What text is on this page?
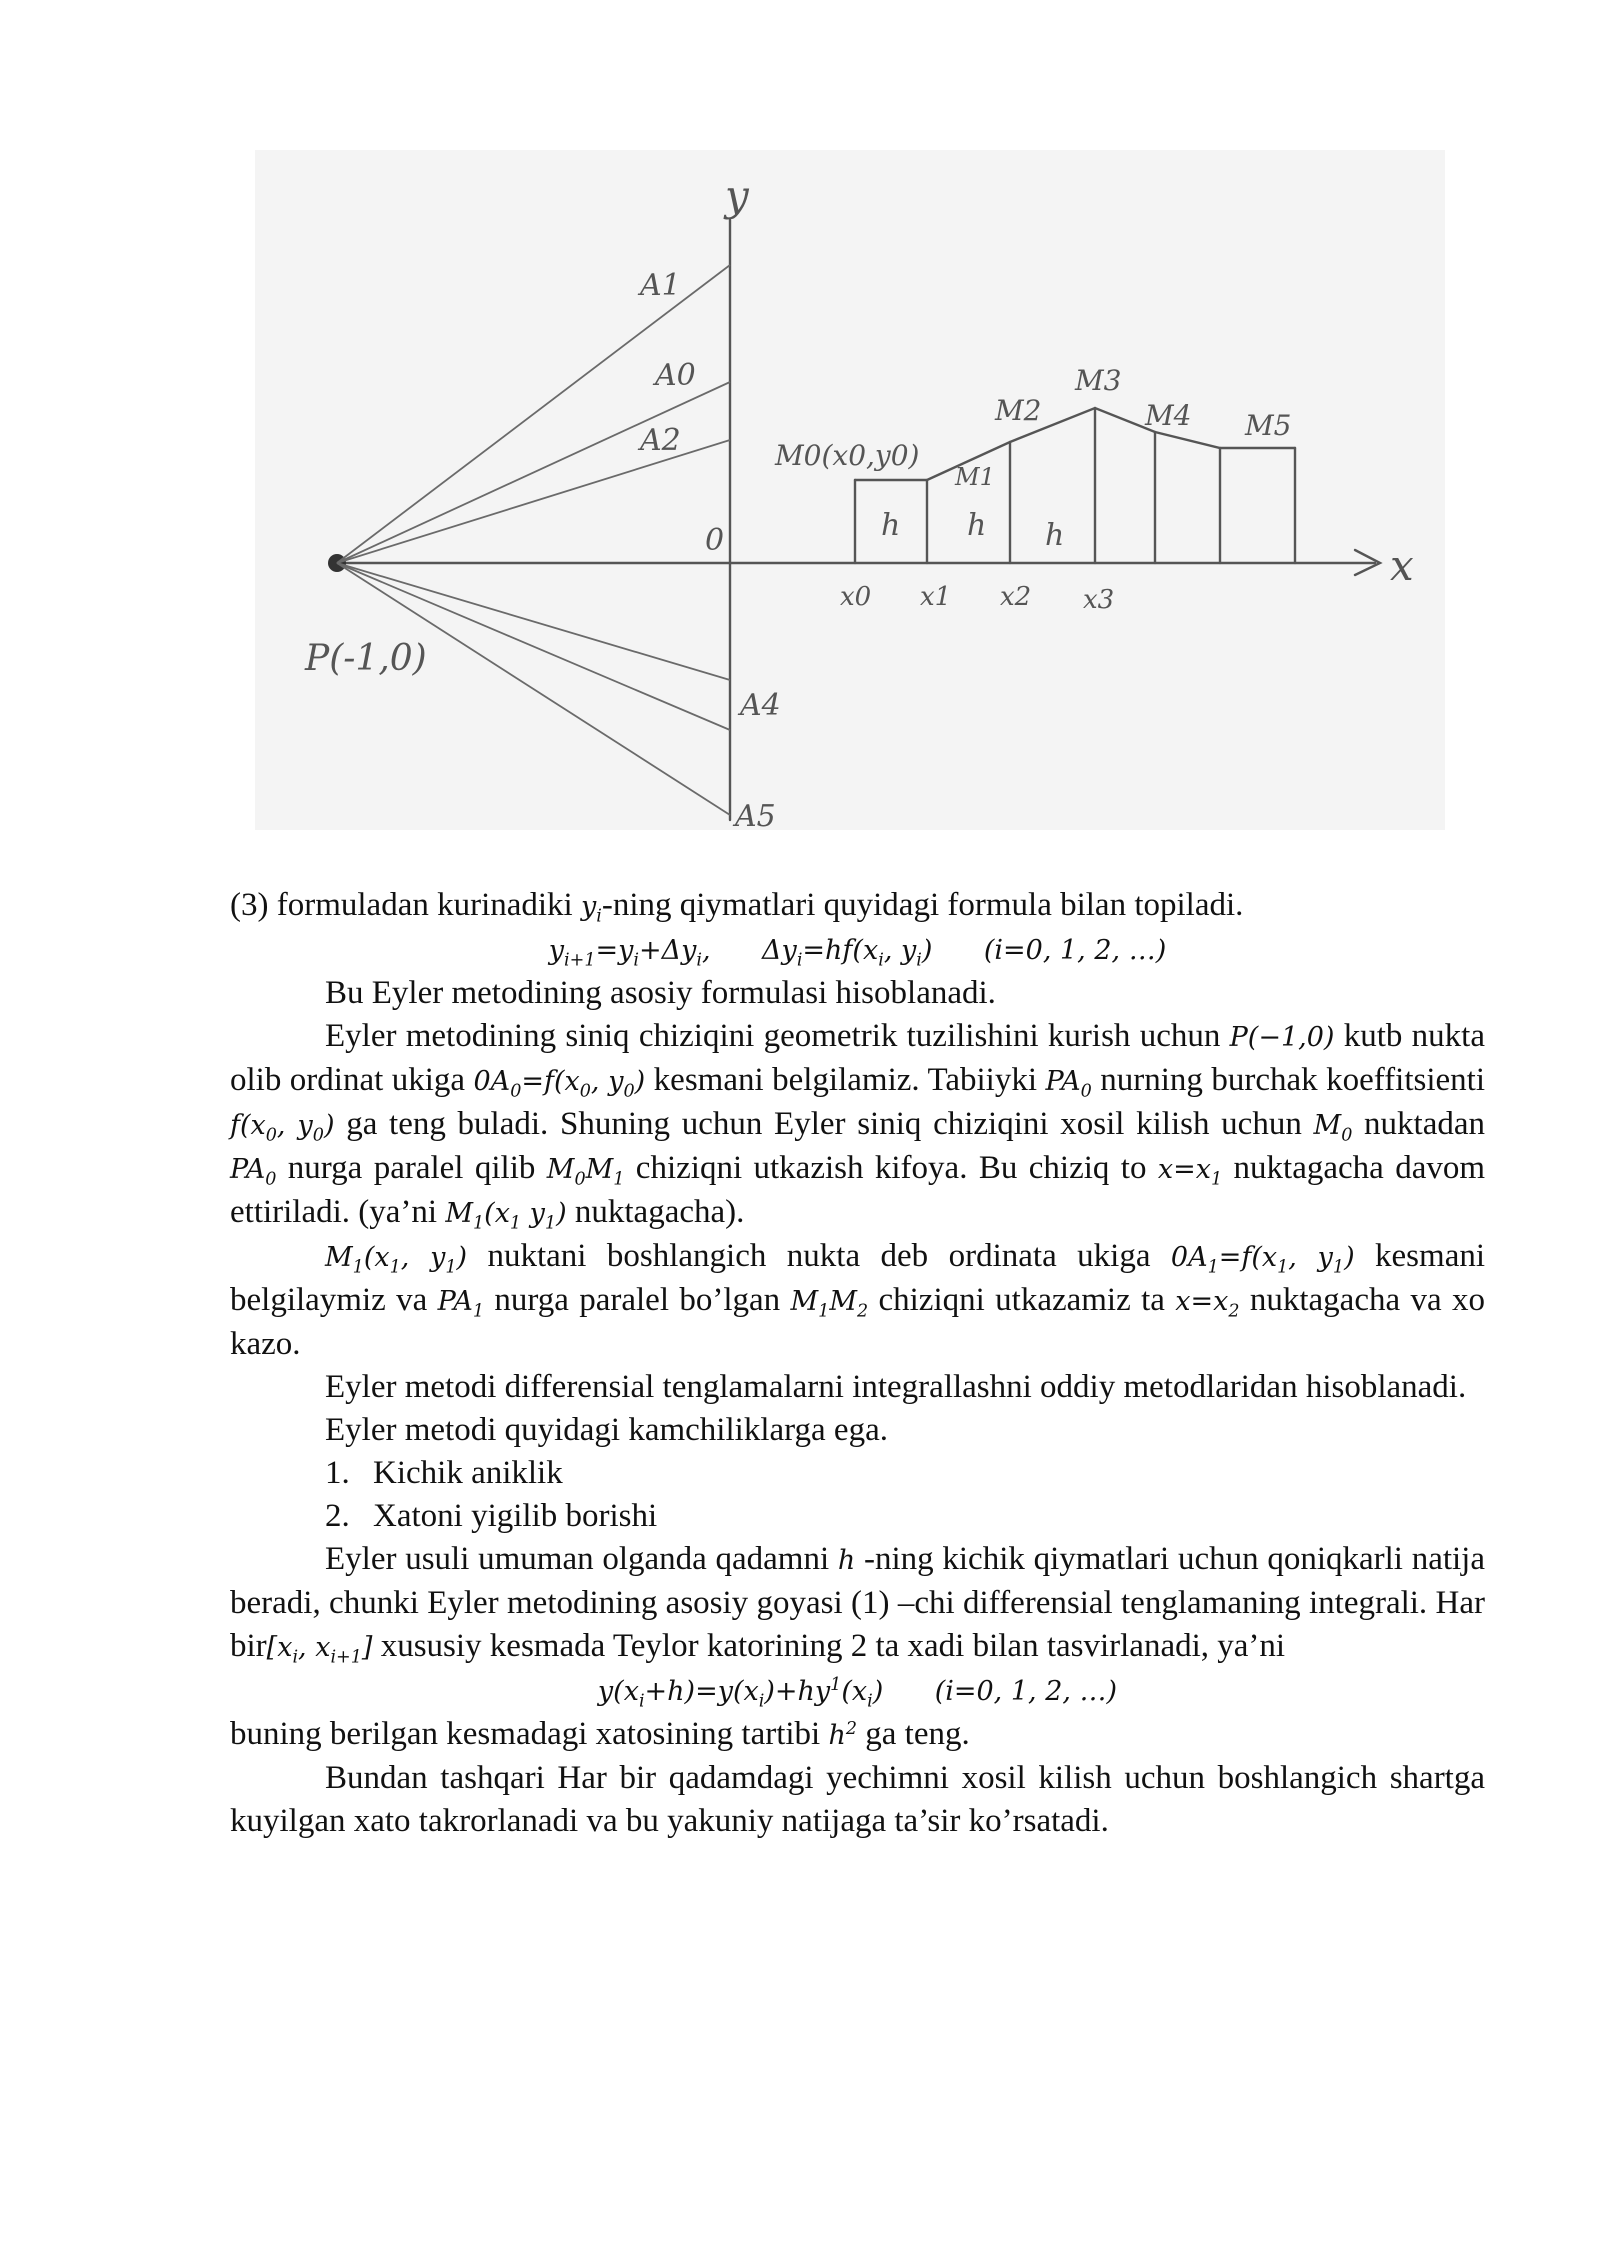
y
x
0
P(-1,0)
A1
A0
A2
A4
A5
M0(x0,y0)
M1
M2
M3
M4 M5
h h h
x0 x1 x2 x3

(3) formuladan kurinadiki $y_i$-ning qiymatlari quyidagi formula bilan topiladi.

$y_{i+1}=y_i+\Delta y_i$,      $\Delta y_i=hf(x_i$, $y_i$)      (i=0, 1, 2, …)

Bu Eyler metodining asosiy formulasi hisoblanadi.

Eyler metodining siniq chiziqini geometrik tuzilishini kurish uchun P(−1,0) kutb nukta olib ordinat ukiga $0A_0=f(x_0$, $y_0$) kesmani belgilamiz. Tabiiyki $PA_0$ nurning burchak koeffitsienti $f(x_0$, $y_0$) ga teng buladi. Shuning uchun Eyler siniq chiziqini xosil kilish uchun $M_0$ nuktadan $PA_0$ nurga paralel qilib $M_0M_1$ chiziqni utkazish kifoya. Bu chiziq to $x=x_1$ nuktagacha davom ettiriladi. (ya’ni $M_1(x_1$ $y_1$) nuktagacha).

$M_1(x_1$, $y_1$) nuktani boshlangich nukta deb ordinata ukiga $0A_1=f(x_1$, $y_1$) kesmani belgilaymiz va $PA_1$ nurga paralel bo’lgan $M_1M_2$ chiziqni utkazamiz ta $x=x_2$ nuktagacha va xo kazo.

Eyler metodi differensial tenglamalarni integrallashni oddiy metodlaridan hisoblanadi.

Eyler metodi quyidagi kamchiliklarga ega.

1. Kichik aniklik
2. Xatoni yigilib borishi

Eyler usuli umuman olganda qadamni h -ning kichik qiymatlari uchun qoniqkarli natija beradi, chunki Eyler metodining asosiy goyasi (1) –chi differensial tenglamaning integrali. Har $bir[x_i$, $x_{i+1}$] xususiy kesmada Teylor katorining 2 ta xadi bilan tasvirlanadi, ya’ni

$y(x_i+h)=y(x_i)+hy^1(x_i)$      (i=0, 1, 2, …)

buning berilgan kesmadagi xatosining tartibi $h^2$ ga teng.

Bundan tashqari Har bir qadamdagi yechimni xosil kilish uchun boshlangich shartga kuyilgan xato takrorlanadi va bu yakuniy natijaga ta’sir ko’rsatadi.
